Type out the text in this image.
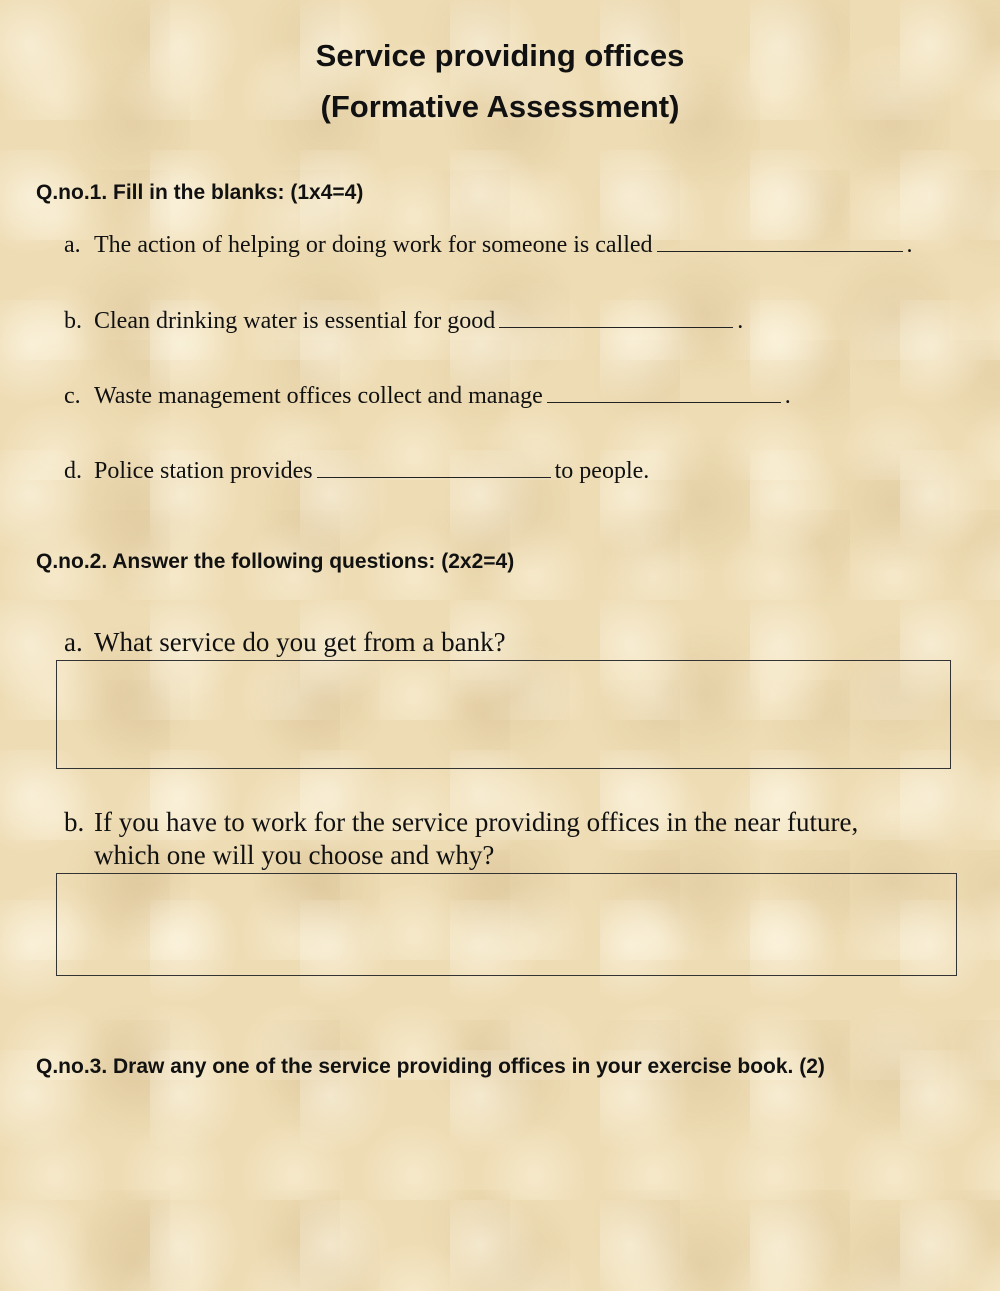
Service providing offices
(Formative Assessment)
Q.no.1. Fill in the blanks: (1x4=4)
a. The action of helping or doing work for someone is called	.
b. Clean drinking water is essential for good	.
c. Waste management offices collect and manage	.
d. Police station provides	to people.
Q.no.2. Answer the following questions: (2x2=4)
a. What service do you get from a bank?
b. If you have to work for the service providing offices in the near future,
which one will you choose and why?
Q.no.3. Draw any one of the service providing offices in your exercise book. (2)
